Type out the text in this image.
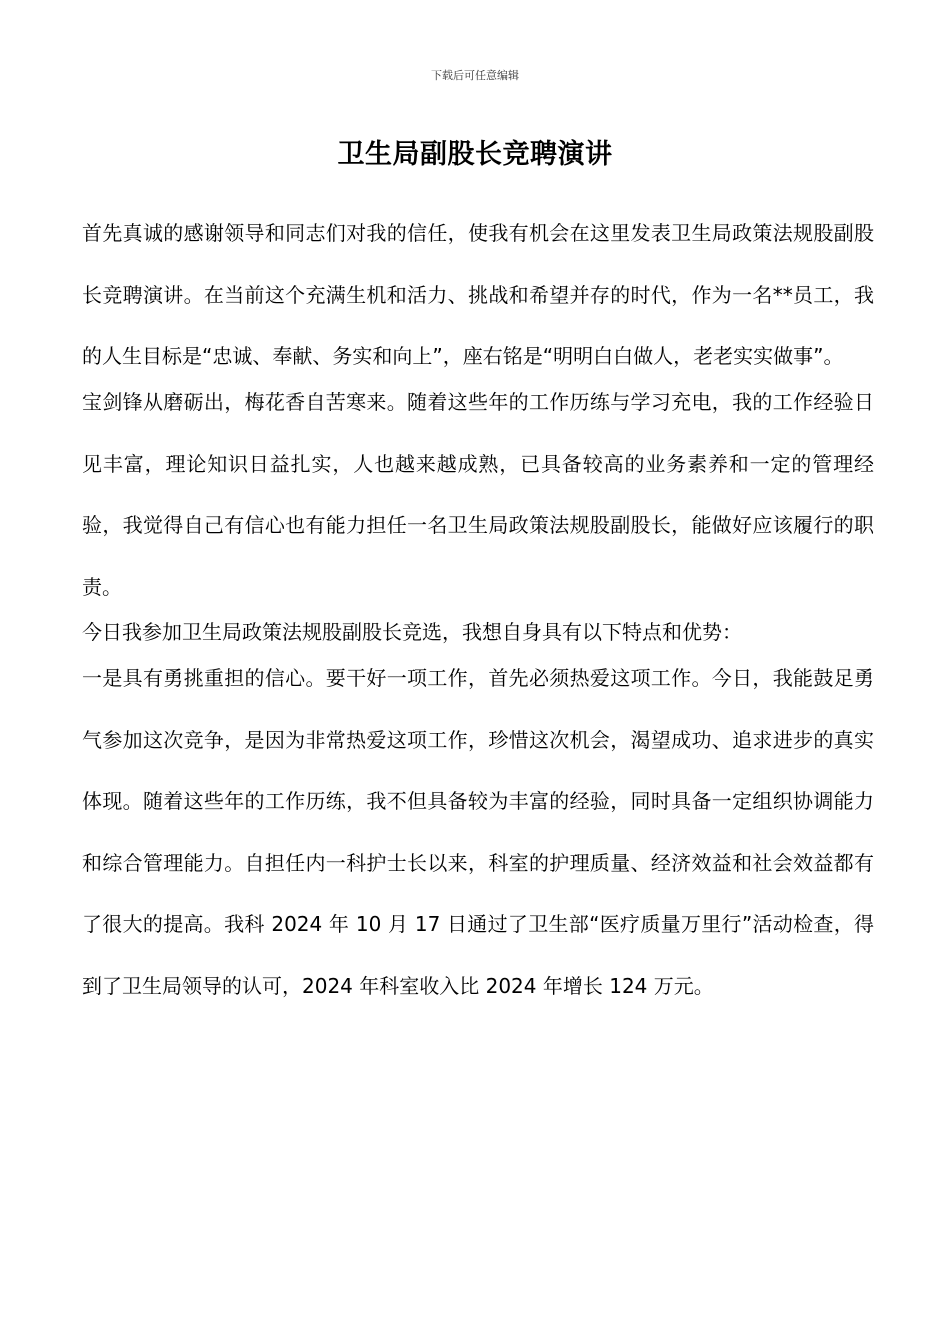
下载后可任意编辑
卫生局副股长竞聘演讲

首先真诚的感谢领导和同志们对我的信任，使我有机会在这里发表卫生局政策法规股副股长竞聘演讲。在当前这个充满生机和活力、挑战和希望并存的时代，作为一名**员工，我的人生目标是“忠诚、奉献、务实和向上”，座右铭是“明明白白做人，老老实实做事”。

宝剑锋从磨砺出，梅花香自苦寒来。随着这些年的工作历练与学习充电，我的工作经验日见丰富，理论知识日益扎实，人也越来越成熟，已具备较高的业务素养和一定的管理经验，我觉得自己有信心也有能力担任一名卫生局政策法规股副股长，能做好应该履行的职责。

今日我参加卫生局政策法规股副股长竞选，我想自身具有以下特点和优势：

一是具有勇挑重担的信心。要干好一项工作，首先必须热爱这项工作。今日，我能鼓足勇气参加这次竞争，是因为非常热爱这项工作，珍惜这次机会，渴望成功、追求进步的真实体现。随着这些年的工作历练，我不但具备较为丰富的经验，同时具备一定组织协调能力和综合管理能力。自担任内一科护士长以来，科室的护理质量、经济效益和社会效益都有了很大的提高。我科 2024 年 10 月 17 日通过了卫生部“医疗质量万里行”活动检查，得到了卫生局领导的认可，2024 年科室收入比 2024 年增长 124 万元。
